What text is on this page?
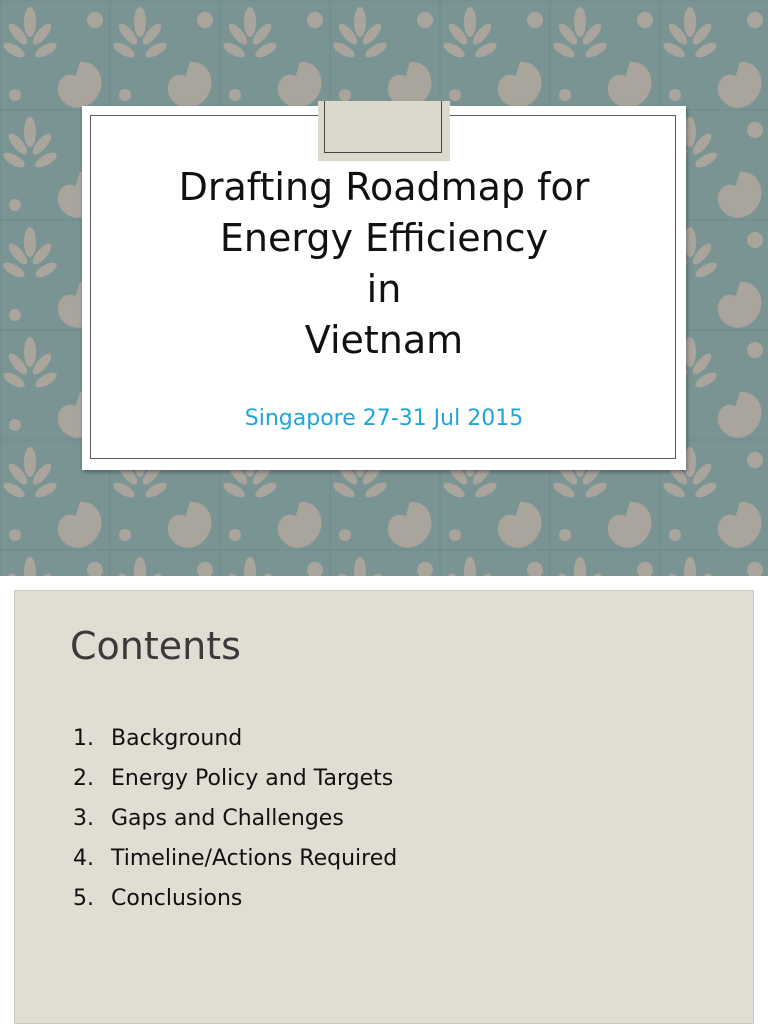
Drafting Roadmap for
Energy Efficiency
in
Vietnam
Singapore 27-31 Jul 2015
Contents
1. Background
2. Energy Policy and Targets
3. Gaps and Challenges
4. Timeline/Actions Required
5. Conclusions
